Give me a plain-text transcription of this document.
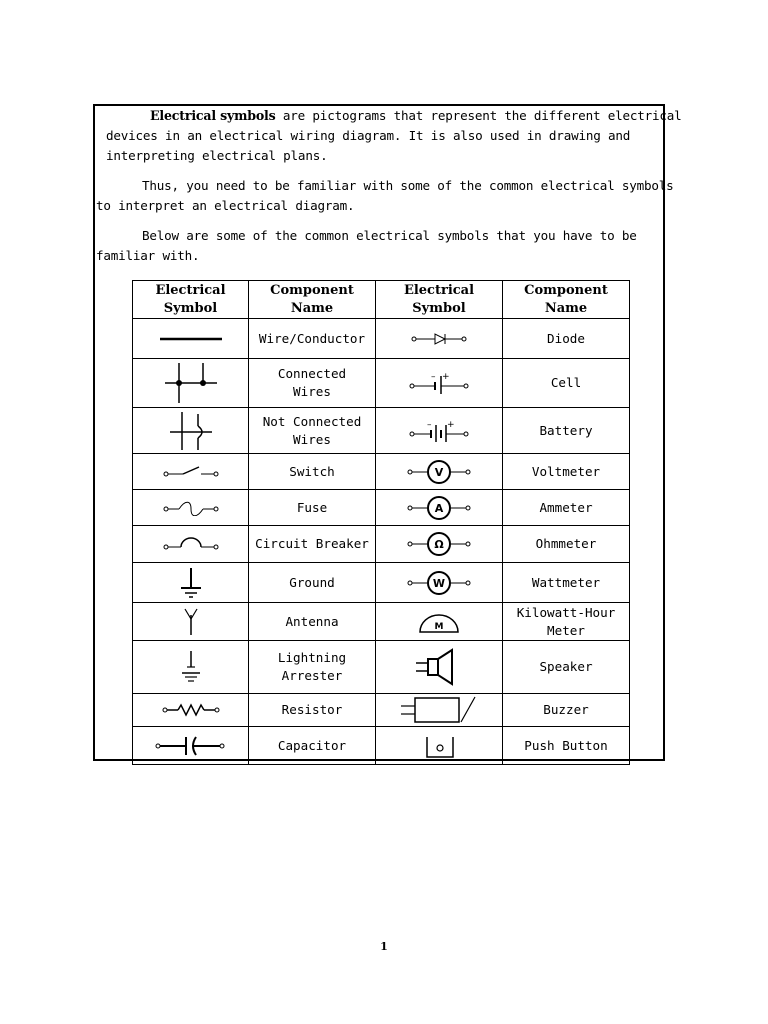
Electrical symbols are pictograms that represent the different electrical
devices in an electrical wiring diagram. It is also used in drawing and
interpreting electrical plans.
Thus, you need to be familiar with some of the common electrical symbols
to interpret an electrical diagram.
Below are some of the common electrical symbols that you have to be
familiar with.
Electrical
Symbol	Component
Name	Electrical
Symbol	Component
Name

	Wire/Conductor		Diode

	Connected
Wires	– +	Cell

	Not Connected
Wires	– +	Battery

	Switch	V	Voltmeter

	Fuse	A	Ammeter

	Circuit Breaker	Ω	Ohmmeter

	Ground	W	Wattmeter

	Antenna	M	Kilowatt-Hour
Meter

	Lightning
Arrester		Speaker

	Resistor		Buzzer

	Capacitor		Push Button
1
